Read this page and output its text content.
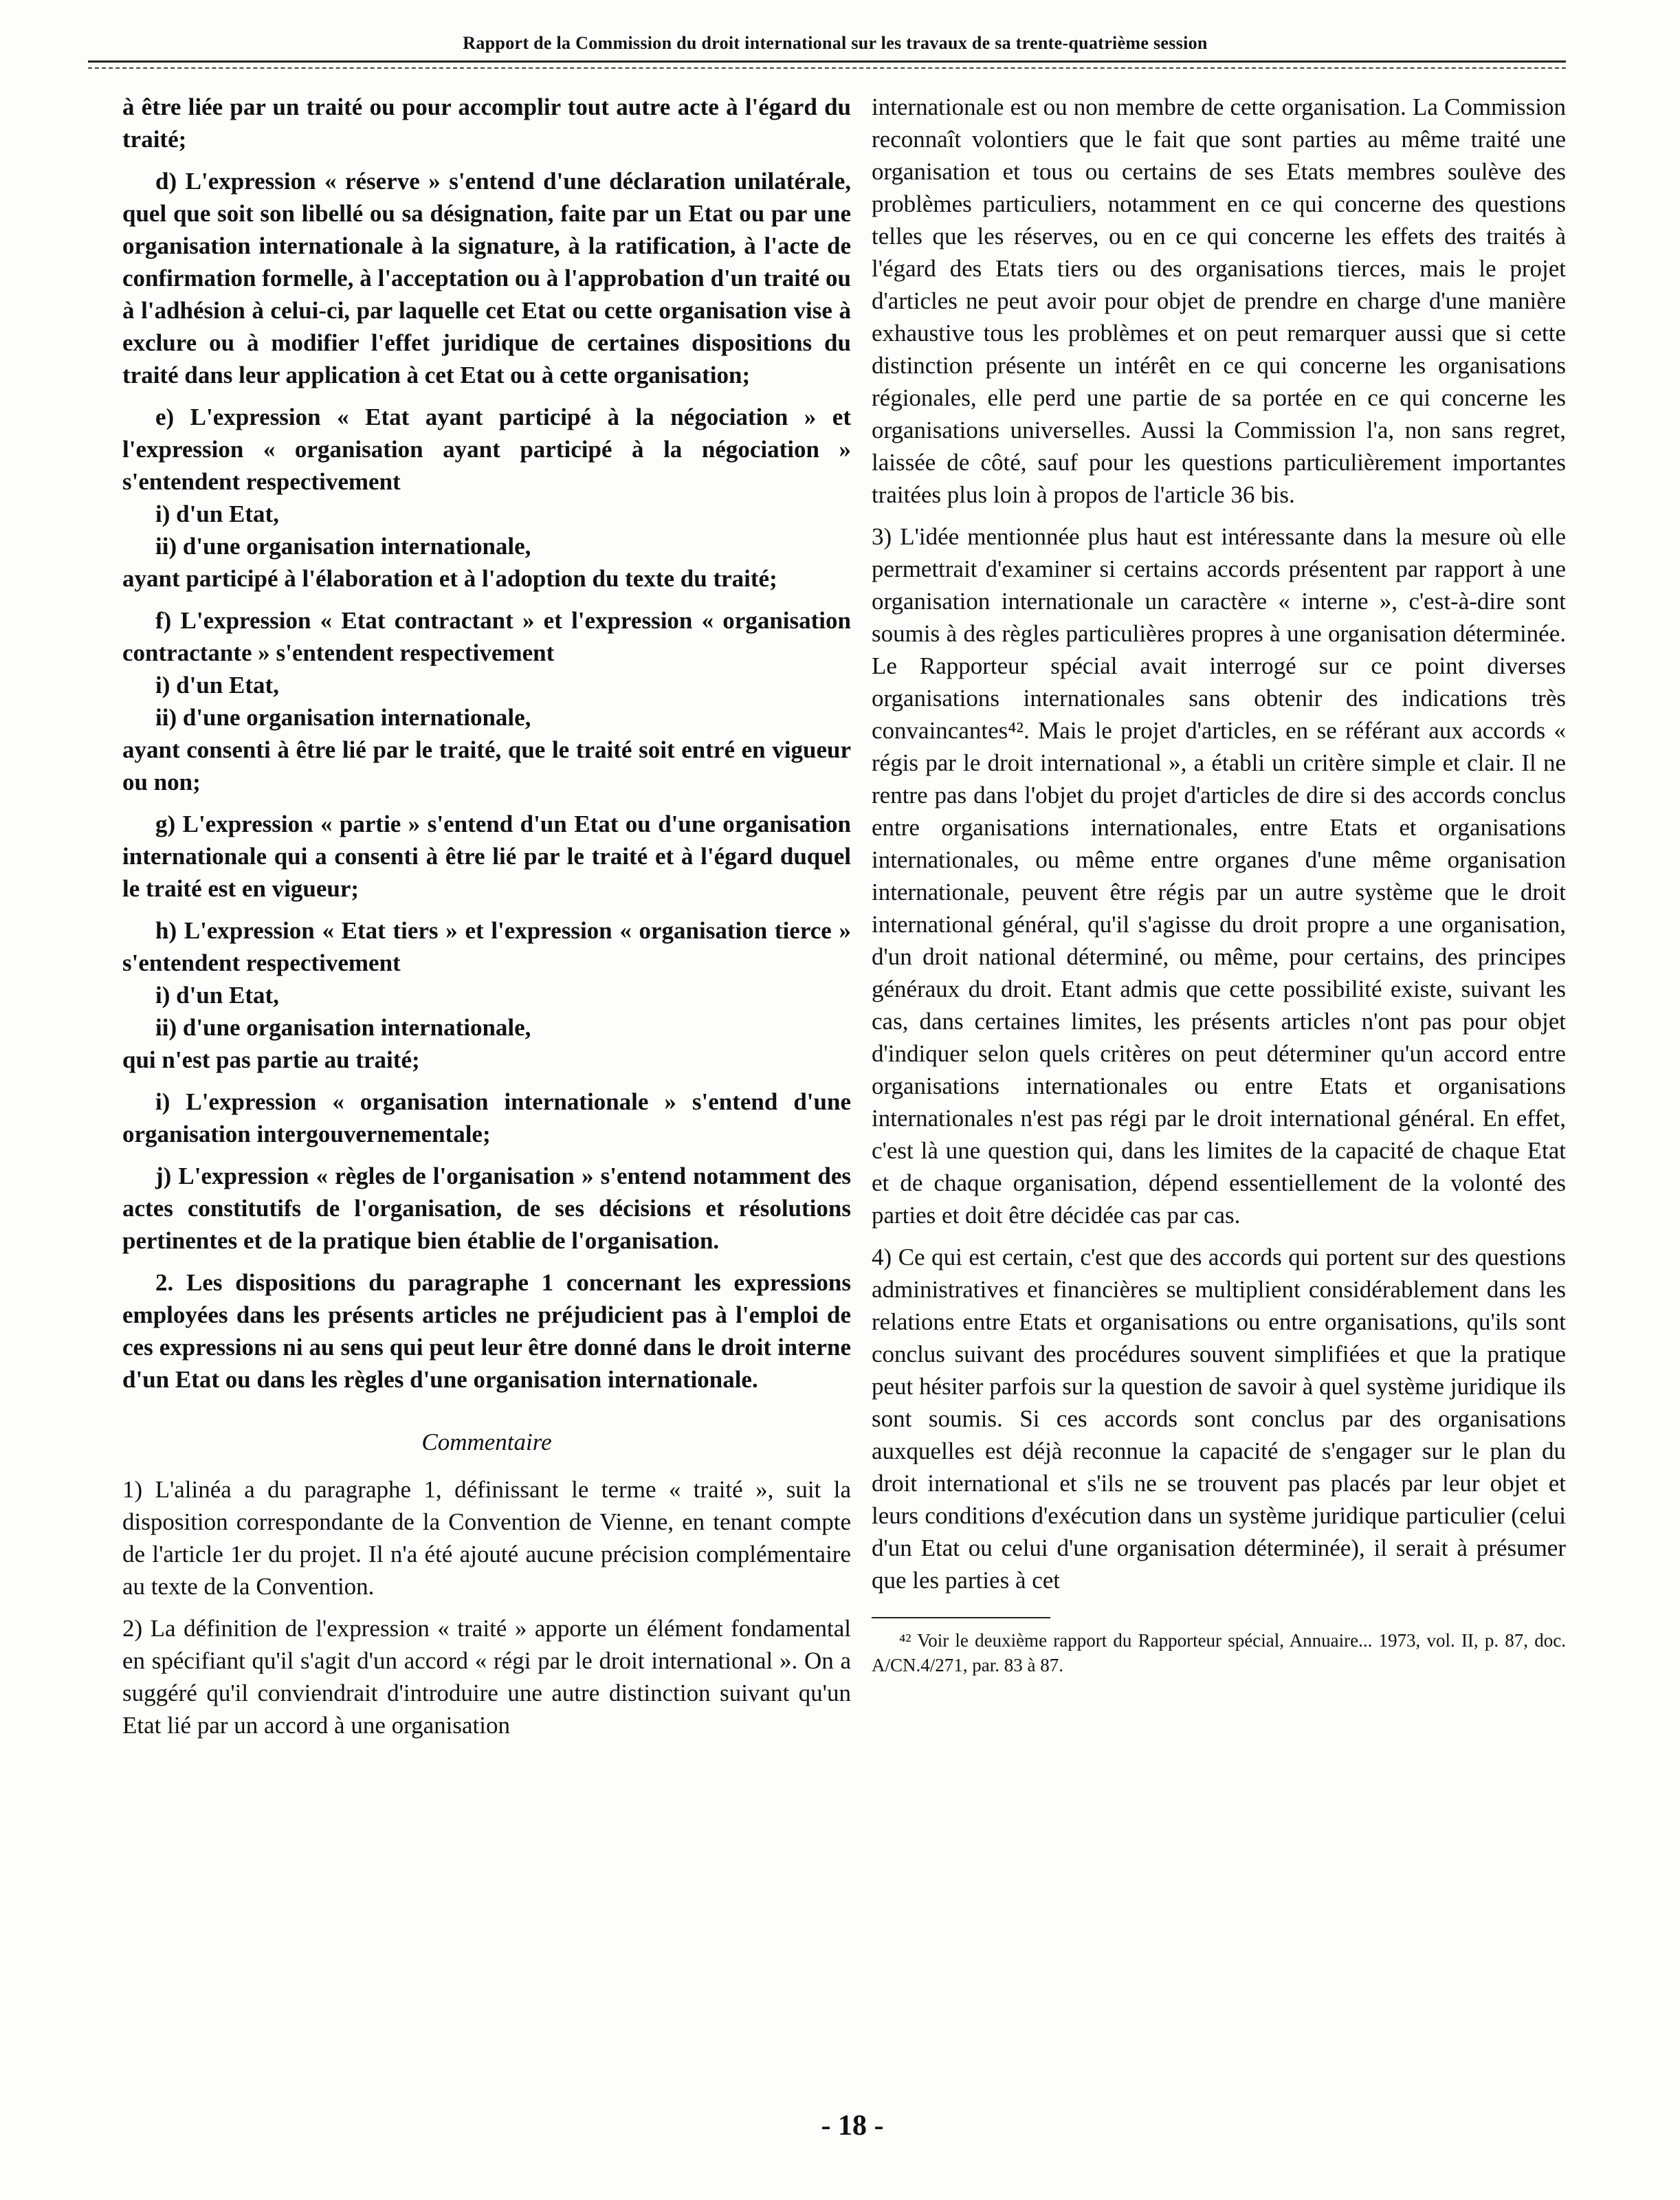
Rapport de la Commission du droit international sur les travaux de sa trente-quatrième session

à être liée par un traité ou pour accomplir tout autre acte à l'égard du traité;

d) L'expression « réserve » s'entend d'une déclaration unilatérale, quel que soit son libellé ou sa désignation, faite par un Etat ou par une organisation internationale à la signature, à la ratification, à l'acte de confirmation formelle, à l'acceptation ou à l'approbation d'un traité ou à l'adhésion à celui-ci, par laquelle cet Etat ou cette organisation vise à exclure ou à modifier l'effet juridique de certaines dispositions du traité dans leur application à cet Etat ou à cette organisation;

e) L'expression « Etat ayant participé à la négociation » et l'expression « organisation ayant participé à la négociation » s'entendent respectivement

i) d'un Etat,
ii) d'une organisation internationale,

ayant participé à l'élaboration et à l'adoption du texte du traité;

f) L'expression « Etat contractant » et l'expression « organisation contractante » s'entendent respectivement

i) d'un Etat,
ii) d'une organisation internationale,

ayant consenti à être lié par le traité, que le traité soit entré en vigueur ou non;

g) L'expression « partie » s'entend d'un Etat ou d'une organisation internationale qui a consenti à être lié par le traité et à l'égard duquel le traité est en vigueur;

h) L'expression « Etat tiers » et l'expression « organisation tierce » s'entendent respectivement

i) d'un Etat,
ii) d'une organisation internationale,

qui n'est pas partie au traité;

i) L'expression « organisation internationale » s'entend d'une organisation intergouvernementale;

j) L'expression « règles de l'organisation » s'entend notamment des actes constitutifs de l'organisation, de ses décisions et résolutions pertinentes et de la pratique bien établie de l'organisation.

2. Les dispositions du paragraphe 1 concernant les expressions employées dans les présents articles ne préjudicient pas à l'emploi de ces expressions ni au sens qui peut leur être donné dans le droit interne d'un Etat ou dans les règles d'une organisation internationale.

Commentaire

1) L'alinéa a du paragraphe 1, définissant le terme « traité », suit la disposition correspondante de la Convention de Vienne, en tenant compte de l'article 1er du projet. Il n'a été ajouté aucune précision complémentaire au texte de la Convention.

2) La définition de l'expression « traité » apporte un élément fondamental en spécifiant qu'il s'agit d'un accord « régi par le droit international ». On a suggéré qu'il conviendrait d'introduire une autre distinction suivant qu'un Etat lié par un accord à une organisation

internationale est ou non membre de cette organisation. La Commission reconnaît volontiers que le fait que sont parties au même traité une organisation et tous ou certains de ses Etats membres soulève des problèmes particuliers, notamment en ce qui concerne des questions telles que les réserves, ou en ce qui concerne les effets des traités à l'égard des Etats tiers ou des organisations tierces, mais le projet d'articles ne peut avoir pour objet de prendre en charge d'une manière exhaustive tous les problèmes et on peut remarquer aussi que si cette distinction présente un intérêt en ce qui concerne les organisations régionales, elle perd une partie de sa portée en ce qui concerne les organisations universelles. Aussi la Commission l'a, non sans regret, laissée de côté, sauf pour les questions particulièrement importantes traitées plus loin à propos de l'article 36 bis.

3) L'idée mentionnée plus haut est intéressante dans la mesure où elle permettrait d'examiner si certains accords présentent par rapport à une organisation internationale un caractère « interne », c'est-à-dire sont soumis à des règles particulières propres à une organisation déterminée. Le Rapporteur spécial avait interrogé sur ce point diverses organisations internationales sans obtenir des indications très convaincantes⁴². Mais le projet d'articles, en se référant aux accords « régis par le droit international », a établi un critère simple et clair. Il ne rentre pas dans l'objet du projet d'articles de dire si des accords conclus entre organisations internationales, entre Etats et organisations internationales, ou même entre organes d'une même organisation internationale, peuvent être régis par un autre système que le droit international général, qu'il s'agisse du droit propre a une organisation, d'un droit national déterminé, ou même, pour certains, des principes généraux du droit. Etant admis que cette possibilité existe, suivant les cas, dans certaines limites, les présents articles n'ont pas pour objet d'indiquer selon quels critères on peut déterminer qu'un accord entre organisations internationales ou entre Etats et organisations internationales n'est pas régi par le droit international général. En effet, c'est là une question qui, dans les limites de la capacité de chaque Etat et de chaque organisation, dépend essentiellement de la volonté des parties et doit être décidée cas par cas.

4) Ce qui est certain, c'est que des accords qui portent sur des questions administratives et financières se multiplient considérablement dans les relations entre Etats et organisations ou entre organisations, qu'ils sont conclus suivant des procédures souvent simplifiées et que la pratique peut hésiter parfois sur la question de savoir à quel système juridique ils sont soumis. Si ces accords sont conclus par des organisations auxquelles est déjà reconnue la capacité de s'engager sur le plan du droit international et s'ils ne se trouvent pas placés par leur objet et leurs conditions d'exécution dans un système juridique particulier (celui d'un Etat ou celui d'une organisation déterminée), il serait à présumer que les parties à cet

⁴² Voir le deuxième rapport du Rapporteur spécial, Annuaire... 1973, vol. II, p. 87, doc. A/CN.4/271, par. 83 à 87.
- 18 -
